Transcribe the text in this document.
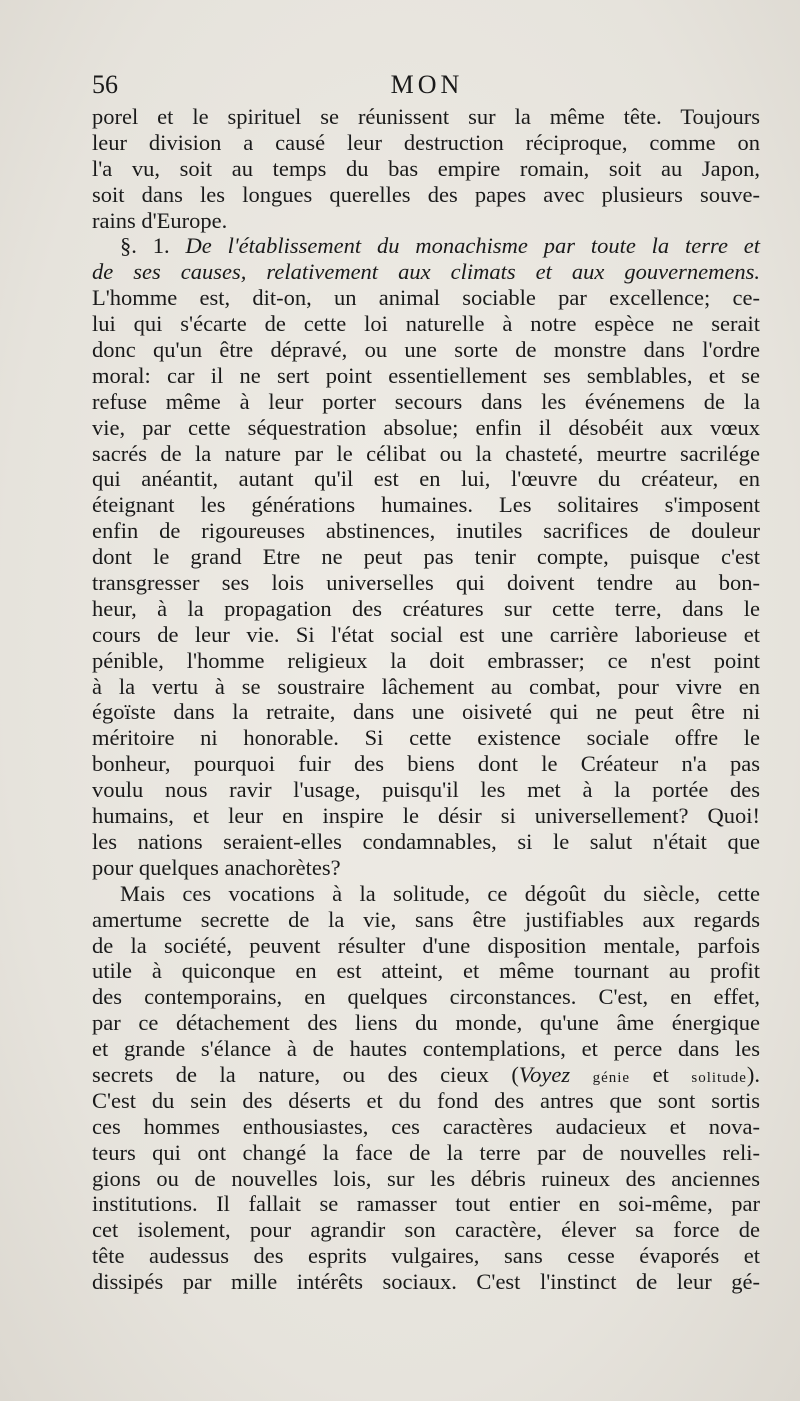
56	MON
porel et le spirituel se réunissent sur la même tête. Toujours
leur division a causé leur destruction réciproque, comme on
l'a vu, soit au temps du bas empire romain, soit au Japon,
soit dans les longues querelles des papes avec plusieurs souve-
rains d'Europe.
§. 1. De l'établissement du monachisme par toute la terre et
de ses causes, relativement aux climats et aux gouvernemens.
L'homme est, dit-on, un animal sociable par excellence; ce-
lui qui s'écarte de cette loi naturelle à notre espèce ne serait
donc qu'un être dépravé, ou une sorte de monstre dans l'ordre
moral: car il ne sert point essentiellement ses semblables, et se
refuse même à leur porter secours dans les événemens de la
vie, par cette séquestration absolue; enfin il désobéit aux vœux
sacrés de la nature par le célibat ou la chasteté, meurtre sacrilége
qui anéantit, autant qu'il est en lui, l'œuvre du créateur, en
éteignant les générations humaines. Les solitaires s'imposent
enfin de rigoureuses abstinences, inutiles sacrifices de douleur
dont le grand Etre ne peut pas tenir compte, puisque c'est
transgresser ses lois universelles qui doivent tendre au bon-
heur, à la propagation des créatures sur cette terre, dans le
cours de leur vie. Si l'état social est une carrière laborieuse et
pénible, l'homme religieux la doit embrasser; ce n'est point
à la vertu à se soustraire lâchement au combat, pour vivre en
égoïste dans la retraite, dans une oisiveté qui ne peut être ni
méritoire ni honorable. Si cette existence sociale offre le
bonheur, pourquoi fuir des biens dont le Créateur n'a pas
voulu nous ravir l'usage, puisqu'il les met à la portée des
humains, et leur en inspire le désir si universellement? Quoi!
les nations seraient-elles condamnables, si le salut n'était que
pour quelques anachorètes?
Mais ces vocations à la solitude, ce dégoût du siècle, cette
amertume secrette de la vie, sans être justifiables aux regards
de la société, peuvent résulter d'une disposition mentale, parfois
utile à quiconque en est atteint, et même tournant au profit
des contemporains, en quelques circonstances. C'est, en effet,
par ce détachement des liens du monde, qu'une âme énergique
et grande s'élance à de hautes contemplations, et perce dans les
secrets de la nature, ou des cieux (Voyez génie et solitude).
C'est du sein des déserts et du fond des antres que sont sortis
ces hommes enthousiastes, ces caractères audacieux et nova-
teurs qui ont changé la face de la terre par de nouvelles reli-
gions ou de nouvelles lois, sur les débris ruineux des anciennes
institutions. Il fallait se ramasser tout entier en soi-même, par
cet isolement, pour agrandir son caractère, élever sa force de
tête audessus des esprits vulgaires, sans cesse évaporés et
dissipés par mille intérêts sociaux. C'est l'instinct de leur gé-
